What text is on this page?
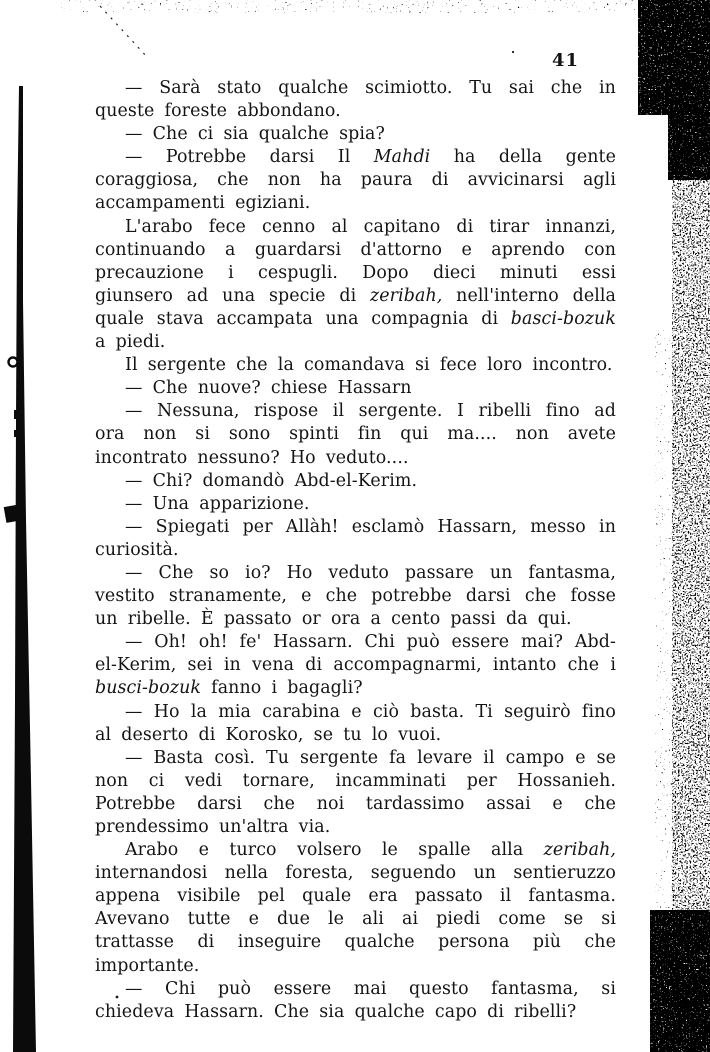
41

— Sarà stato qualche scimiotto. Tu sai che in queste foreste abbondano.

— Che ci sia qualche spia?

— Potrebbe darsi Il Mahdi ha della gente coraggiosa, che non ha paura di avvicinarsi agli accampamenti egiziani.

L'arabo fece cenno al capitano di tirar innanzi, continuando a guardarsi d'attorno e aprendo con precauzione i cespugli. Dopo dieci minuti essi giunsero ad una specie di zeribah, nell'interno della quale stava accampata una compagnia di basci-bozuk a piedi.

Il sergente che la comandava si fece loro incontro.

— Che nuove? chiese Hassarn

— Nessuna, rispose il sergente. I ribelli fino ad ora non si sono spinti fin qui ma.... non avete incontrato nessuno? Ho veduto....

— Chi? domandò Abd-el-Kerim.

— Una apparizione.

— Spiegati per Allàh! esclamò Hassarn, messo in curiosità.

— Che so io? Ho veduto passare un fantasma, vestito stranamente, e che potrebbe darsi che fosse un ribelle. È passato or ora a cento passi da qui.

— Oh! oh! fe' Hassarn. Chi può essere mai? Abd-el-Kerim, sei in vena di accompagnarmi, intanto che i busci-bozuk fanno i bagagli?

— Ho la mia carabina e ciò basta. Ti seguirò fino al deserto di Korosko, se tu lo vuoi.

— Basta così. Tu sergente fa levare il campo e se non ci vedi tornare, incamminati per Hossanieh. Potrebbe darsi che noi tardassimo assai e che prendessimo un'altra via.

Arabo e turco volsero le spalle alla zeribah, internandosi nella foresta, seguendo un sentieruzzo appena visibile pel quale era passato il fantasma. Avevano tutte e due le ali ai piedi come se si trattasse di inseguire qualche persona più che importante.

— Chi può essere mai questo fantasma, si chiedeva Hassarn. Che sia qualche capo di ribelli?
